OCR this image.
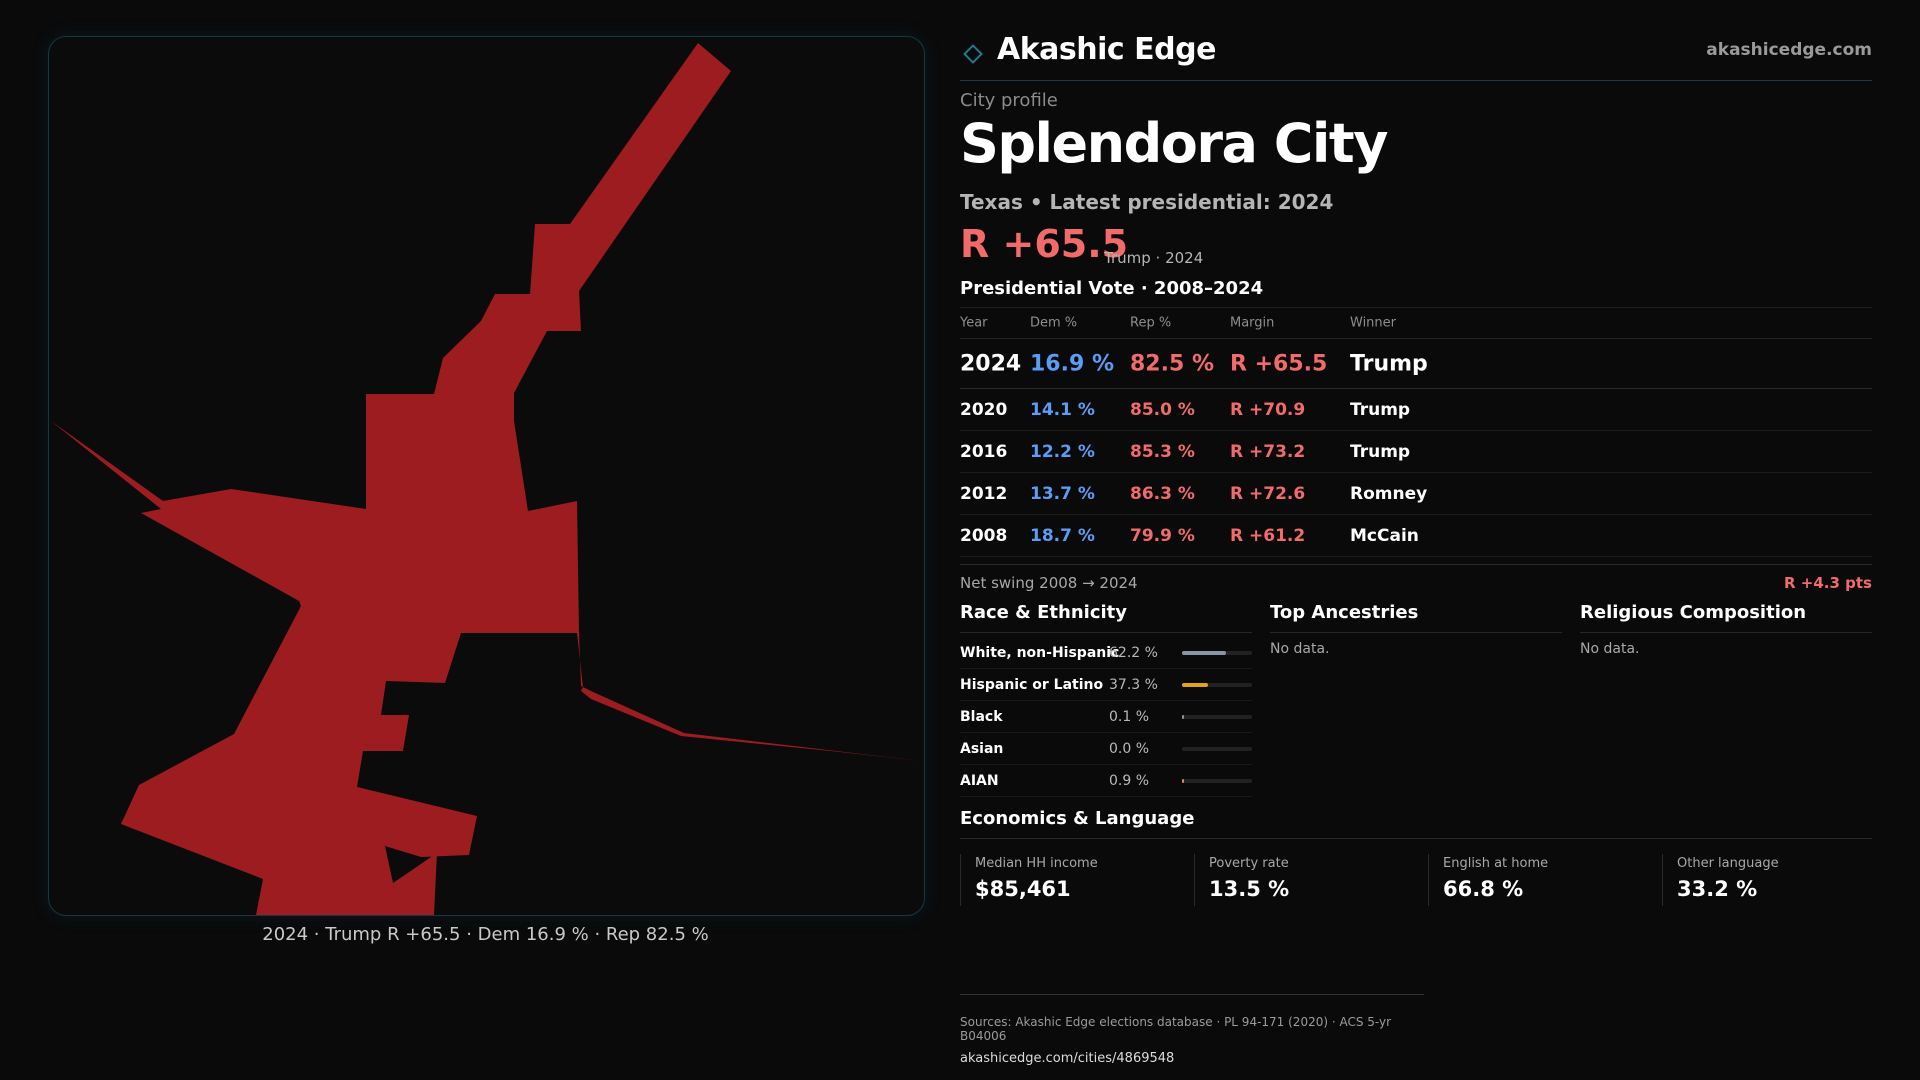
2024 · Trump R +65.5 · Dem 16.9 % · Rep 82.5 %
Akashic Edge	akashicedge.com
City profile
Splendora City
Texas • Latest presidential: 2024
R +65.5
Trump · 2024
Presidential Vote · 2008–2024
Year	Dem %	Rep %	Margin	Winner
2024 16.9 % 82.5 % R +65.5 Trump
2020 14.1 % 85.0 % R +70.9	Trump
2016 12.2 % 85.3 % R +73.2	Trump
2012 13.7 % 86.3 % R +72.6	Romney
2008 18.7 % 79.9 % R +61.2	McCain
Net swing 2008 → 2024	R +4.3 pts
Race & Ethnicity
White, non-Hispanic
62.2 %
Hispanic or Latino 37.3 %
Black	0.1 %
Asian	0.0 %
AIAN	0.9 %
Top Ancestries
No data.
Religious Composition
No data.
Economics & Language
Median HH income
$85,461
Poverty rate
13.5 %
English at home
66.8 %
Other language
33.2 %
Sources: Akashic Edge elections database · PL 94-171 (2020) · ACS 5-yr B04006
akashicedge.com/cities/4869548
